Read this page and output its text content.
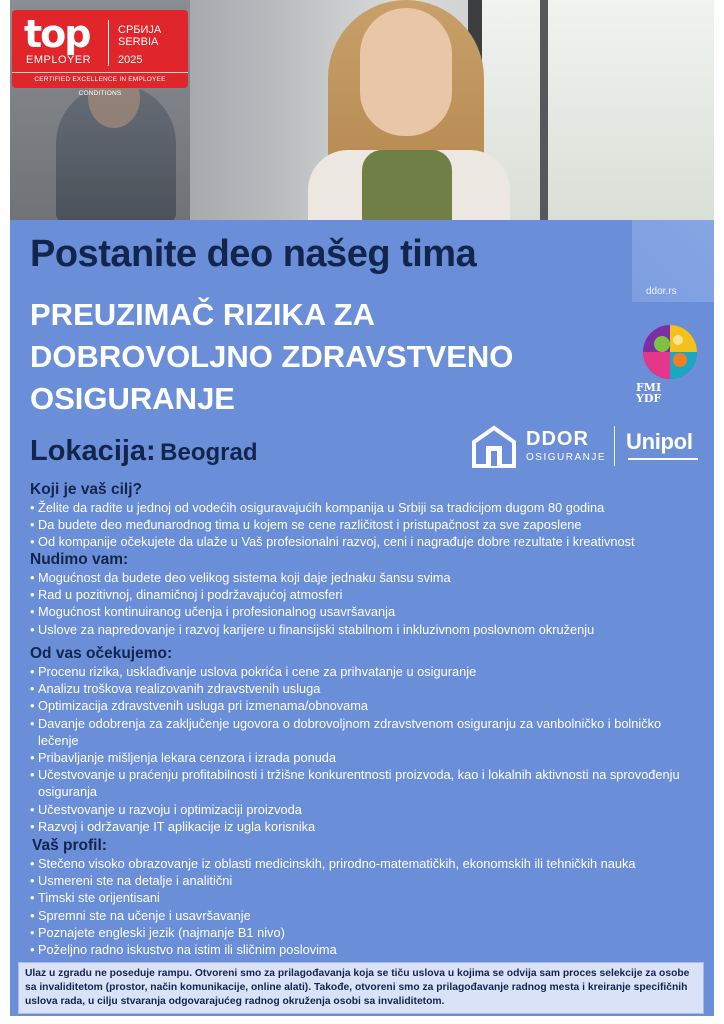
top
EMPLOYER
СРБИЈА
SERBIA
2025
CERTIFIED EXCELLENCE IN EMPLOYEE CONDITIONS
ddor.rs
Postanite deo našeg tima
PREUZIMAČ RIZIKA ZA
DOBROVOLJNO ZDRAVSTVENO
OSIGURANJE
Lokacija: Beograd
FMI
YDF
DDOR
OSIGURANJE
Unipol
Koji je vaš cilj?
• Želite da radite u jednoj od vodećih osiguravajućih kompanija u Srbiji sa tradicijom dugom 80 godina
• Da budete deo međunarodnog tima u kojem se cene različitost i pristupačnost za sve zaposlene
• Od kompanije očekujete da ulaže u Vaš profesionalni razvoj, ceni i nagrađuje dobre rezultate i kreativnost
Nudimo vam:
• Mogućnost da budete deo velikog sistema koji daje jednaku šansu svima
• Rad u pozitivnoj, dinamičnoj i podržavajućoj atmosferi
• Mogućnost kontinuiranog učenja i profesionalnog usavršavanja
• Uslove za napredovanje i razvoj karijere u finansijski stabilnom i inkluzivnom poslovnom okruženju
Od vas očekujemo:
• Procenu rizika, usklađivanje uslova pokrića i cene za prihvatanje u osiguranje
• Analizu troškova realizovanih zdravstvenih usluga
• Optimizacija zdravstvenih usluga pri izmenama/obnovama
• Davanje odobrenja za zaključenje ugovora o dobrovoljnom zdravstvenom osiguranju za vanbolničko i bolničko lečenje
• Pribavljanje mišljenja lekara cenzora i izrada ponuda
• Učestvovanje u praćenju profitabilnosti i tržišne konkurentnosti proizvoda, kao i lokalnih aktivnosti na sprovođenju osiguranja
• Učestvovanje u razvoju i optimizaciji proizvoda
• Razvoj i održavanje IT aplikacije iz ugla korisnika
Vaš profil:
• Stečeno visoko obrazovanje iz oblasti medicinskih, prirodno-matematičkih, ekonomskih ili tehničkih nauka
• Usmereni ste na detalje i analitični
• Timski ste orijentisani
• Spremni ste na učenje i usavršavanje
• Poznajete engleski jezik (najmanje B1 nivo)
• Poželjno radno iskustvo na istim ili sličnim poslovima
Ulaz u zgradu ne poseduje rampu. Otvoreni smo za prilagođavanja koja se tiču uslova u kojima se odvija sam proces selekcije za osobe sa invaliditetom (prostor, način komunikacije, online alati). Takođe, otvoreni smo za prilagođavanje radnog mesta i kreiranje specifičnih uslova rada, u cilju stvaranja odgovarajućeg radnog okruženja osobi sa invaliditetom.
